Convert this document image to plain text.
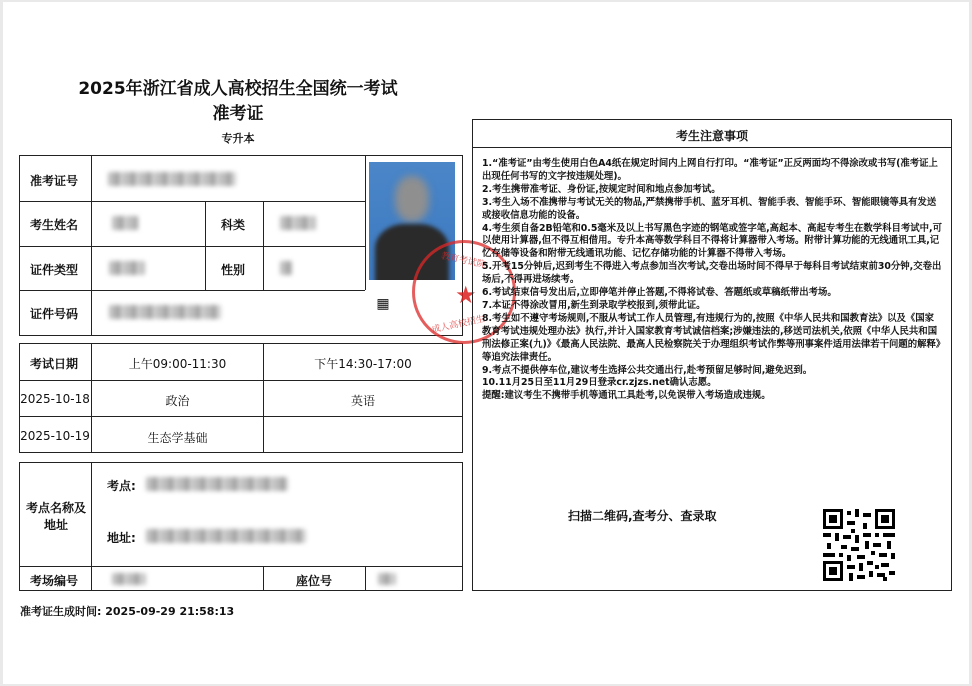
2025年浙江省成人高校招生全国统一考试
准考证
专升本
准考证号
考生姓名	科类
证件类型	性别
证件号码
▦
考试日期	上午09:00-11:30	下午14:30-17:00
2025-10-18	政治	英语
2025-10-19	生态学基础
考点名称及地址
考点:
地址:
考场编号	座位号
★
教育考试院
成人高校招生
考生注意事项

1.“准考证”由考生使用白色A4纸在规定时间内上网自行打印。“准考证”正反两面均不得涂改或书写(准考证上出现任何书写的文字按违规处理)。

2.考生携带准考证、身份证,按规定时间和地点参加考试。

3.考生入场不准携带与考试无关的物品,严禁携带手机、蓝牙耳机、智能手表、智能手环、智能眼镜等具有发送或接收信息功能的设备。

4.考生须自备2B铅笔和0.5毫米及以上书写黑色字迹的钢笔或签字笔,高起本、高起专考生在数学科目考试中,可以使用计算器,但不得互相借用。专升本高等数学科目不得将计算器带入考场。附带计算功能的无线通讯工具,记忆存储等设备和附带无线通讯功能、记忆存储功能的计算器不得带入考场。

5.开考15分钟后,迟到考生不得进入考点参加当次考试,交卷出场时间不得早于每科目考试结束前30分钟,交卷出场后,不得再进场续考。

6.考试结束信号发出后,立即停笔并停止答题,不得将试卷、答题纸或草稿纸带出考场。

7.本证不得涂改冒用,新生到录取学校报到,须带此证。

8.考生如不遵守考场规则,不服从考试工作人员管理,有违规行为的,按照《中华人民共和国教育法》以及《国家教育考试违规处理办法》执行,并计入国家教育考试诚信档案;涉嫌违法的,移送司法机关,依照《中华人民共和国刑法修正案(九)》《最高人民法院、最高人民检察院关于办理组织考试作弊等刑事案件适用法律若干问题的解释》等追究法律责任。

9.考点不提供停车位,建议考生选择公共交通出行,赴考预留足够时间,避免迟到。

10.11月25日至11月29日登录cr.zjzs.net确认志愿。

提醒:建议考生不携带手机等通讯工具赴考,以免误带入考场造成违规。

扫描二维码,查考分、查录取
准考证生成时间: 2025-09-29 21:58:13
